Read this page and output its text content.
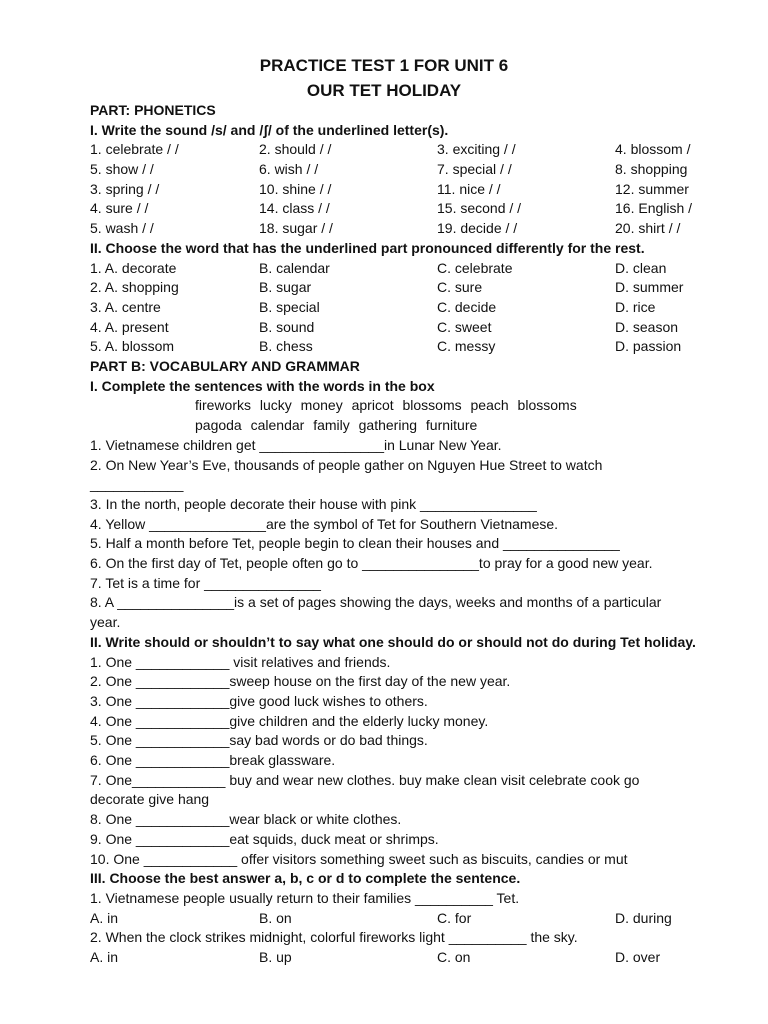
PRACTICE TEST 1 FOR UNIT 6
OUR TET HOLIDAY
PART: PHONETICS
I. Write the sound /s/ and /ʃ/ of the underlined letter(s).
1. celebrate / /	2. should / /	3. exciting / /	4. blossom /
5. show / /	6. wish / /	7. special / /	8. shopping
3. spring / /	10. shine / /	11. nice / /	12. summer
4. sure / /	14. class / /	15. second / /	16. English /
5. wash / /	18. sugar / /	19. decide / /	20. shirt / /
II. Choose the word that has the underlined part pronounced differently for the rest.
1. A. decorate	B. calendar	C. celebrate	D. clean
2. A. shopping	B. sugar	C. sure	D. summer
3. A. centre	B. special	C. decide	D. rice
4. A. present	B. sound	C. sweet	D. season
5. A. blossom	B. chess	C. messy	D. passion
PART B: VOCABULARY AND GRAMMAR
I. Complete the sentences with the words in the box
fireworks lucky money apricot blossoms peach blossoms
pagoda calendar family gathering furniture
1. Vietnamese children get ________________in Lunar New Year.
2. On New Year’s Eve, thousands of people gather on Nguyen Hue Street to watch
____________
3. In the north, people decorate their house with pink _______________
4. Yellow _______________are the symbol of Tet for Southern Vietnamese.
5. Half a month before Tet, people begin to clean their houses and _______________
6. On the first day of Tet, people often go to _______________to pray for a good new year.
7. Tet is a time for _______________
8. A _______________is a set of pages showing the days, weeks and months of a particular
year.
II. Write should or shouldn’t to say what one should do or should not do during Tet holiday.
1. One ____________ visit relatives and friends.
2. One ____________sweep house on the first day of the new year.
3. One ____________give good luck wishes to others.
4. One ____________give children and the elderly lucky money.
5. One ____________say bad words or do bad things.
6. One ____________break glassware.
7. One____________ buy and wear new clothes. buy make clean visit celebrate cook go
decorate give hang
8. One ____________wear black or white clothes.
9. One ____________eat squids, duck meat or shrimps.
10. One ____________ offer visitors something sweet such as biscuits, candies or mut
III. Choose the best answer a, b, c or d to complete the sentence.
1. Vietnamese people usually return to their families __________ Tet.
A. in	B. on	C. for	D. during
2. When the clock strikes midnight, colorful fireworks light __________ the sky.
A. in	B. up	C. on	D. over
